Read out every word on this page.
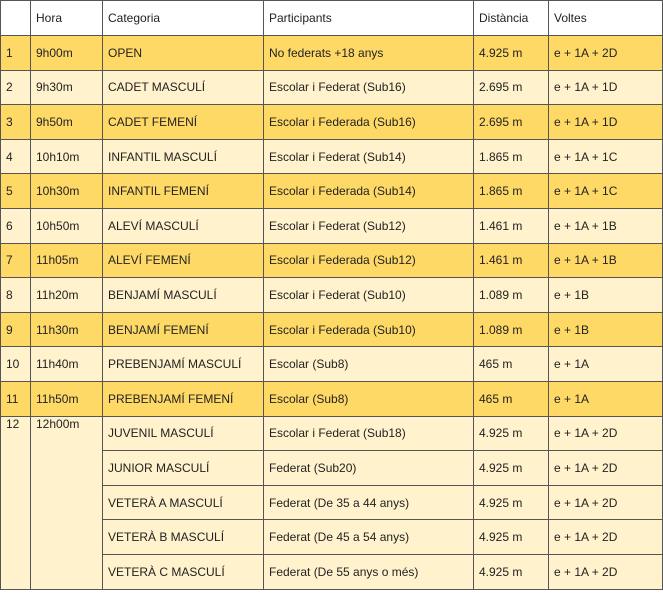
	Hora	Categoria	Participants	Distància	Voltes
1	9h00m	OPEN	No federats +18 anys	4.925 m	e + 1A + 2D
2	9h30m	CADET MASCULÍ	Escolar i Federat (Sub16)	2.695 m	e + 1A + 1D
3	9h50m	CADET FEMENÍ	Escolar i Federada (Sub16)	2.695 m	e + 1A + 1D
4	10h10m	INFANTIL MASCULÍ	Escolar i Federat (Sub14)	1.865 m	e + 1A + 1C
5	10h30m	INFANTIL FEMENÍ	Escolar i Federada (Sub14)	1.865 m	e + 1A + 1C
6	10h50m	ALEVÍ MASCULÍ	Escolar i Federat (Sub12)	1.461 m	e + 1A + 1B
7	11h05m	ALEVÍ FEMENÍ	Escolar i Federada (Sub12)	1.461 m	e + 1A + 1B
8	11h20m	BENJAMÍ MASCULÍ	Escolar i Federat (Sub10)	1.089 m	e + 1B
9	11h30m	BENJAMÍ FEMENÍ	Escolar i Federada (Sub10)	1.089 m	e + 1B
10	11h40m	PREBENJAMÍ MASCULÍ	Escolar (Sub8)	465 m	e + 1A
11	11h50m	PREBENJAMÍ FEMENÍ	Escolar (Sub8)	465 m	e + 1A
12	12h00m	JUVENIL MASCULÍ	Escolar i Federat (Sub18)	4.925 m	e + 1A + 2D
		JUNIOR MASCULÍ	Federat (Sub20)	4.925 m	e + 1A + 2D
		VETERÀ A MASCULÍ	Federat (De 35 a 44 anys)	4.925 m	e + 1A + 2D
		VETERÀ B MASCULÍ	Federat (De 45 a 54 anys)	4.925 m	e + 1A + 2D
		VETERÀ C MASCULÍ	Federat (De 55 anys o més)	4.925 m	e + 1A + 2D
